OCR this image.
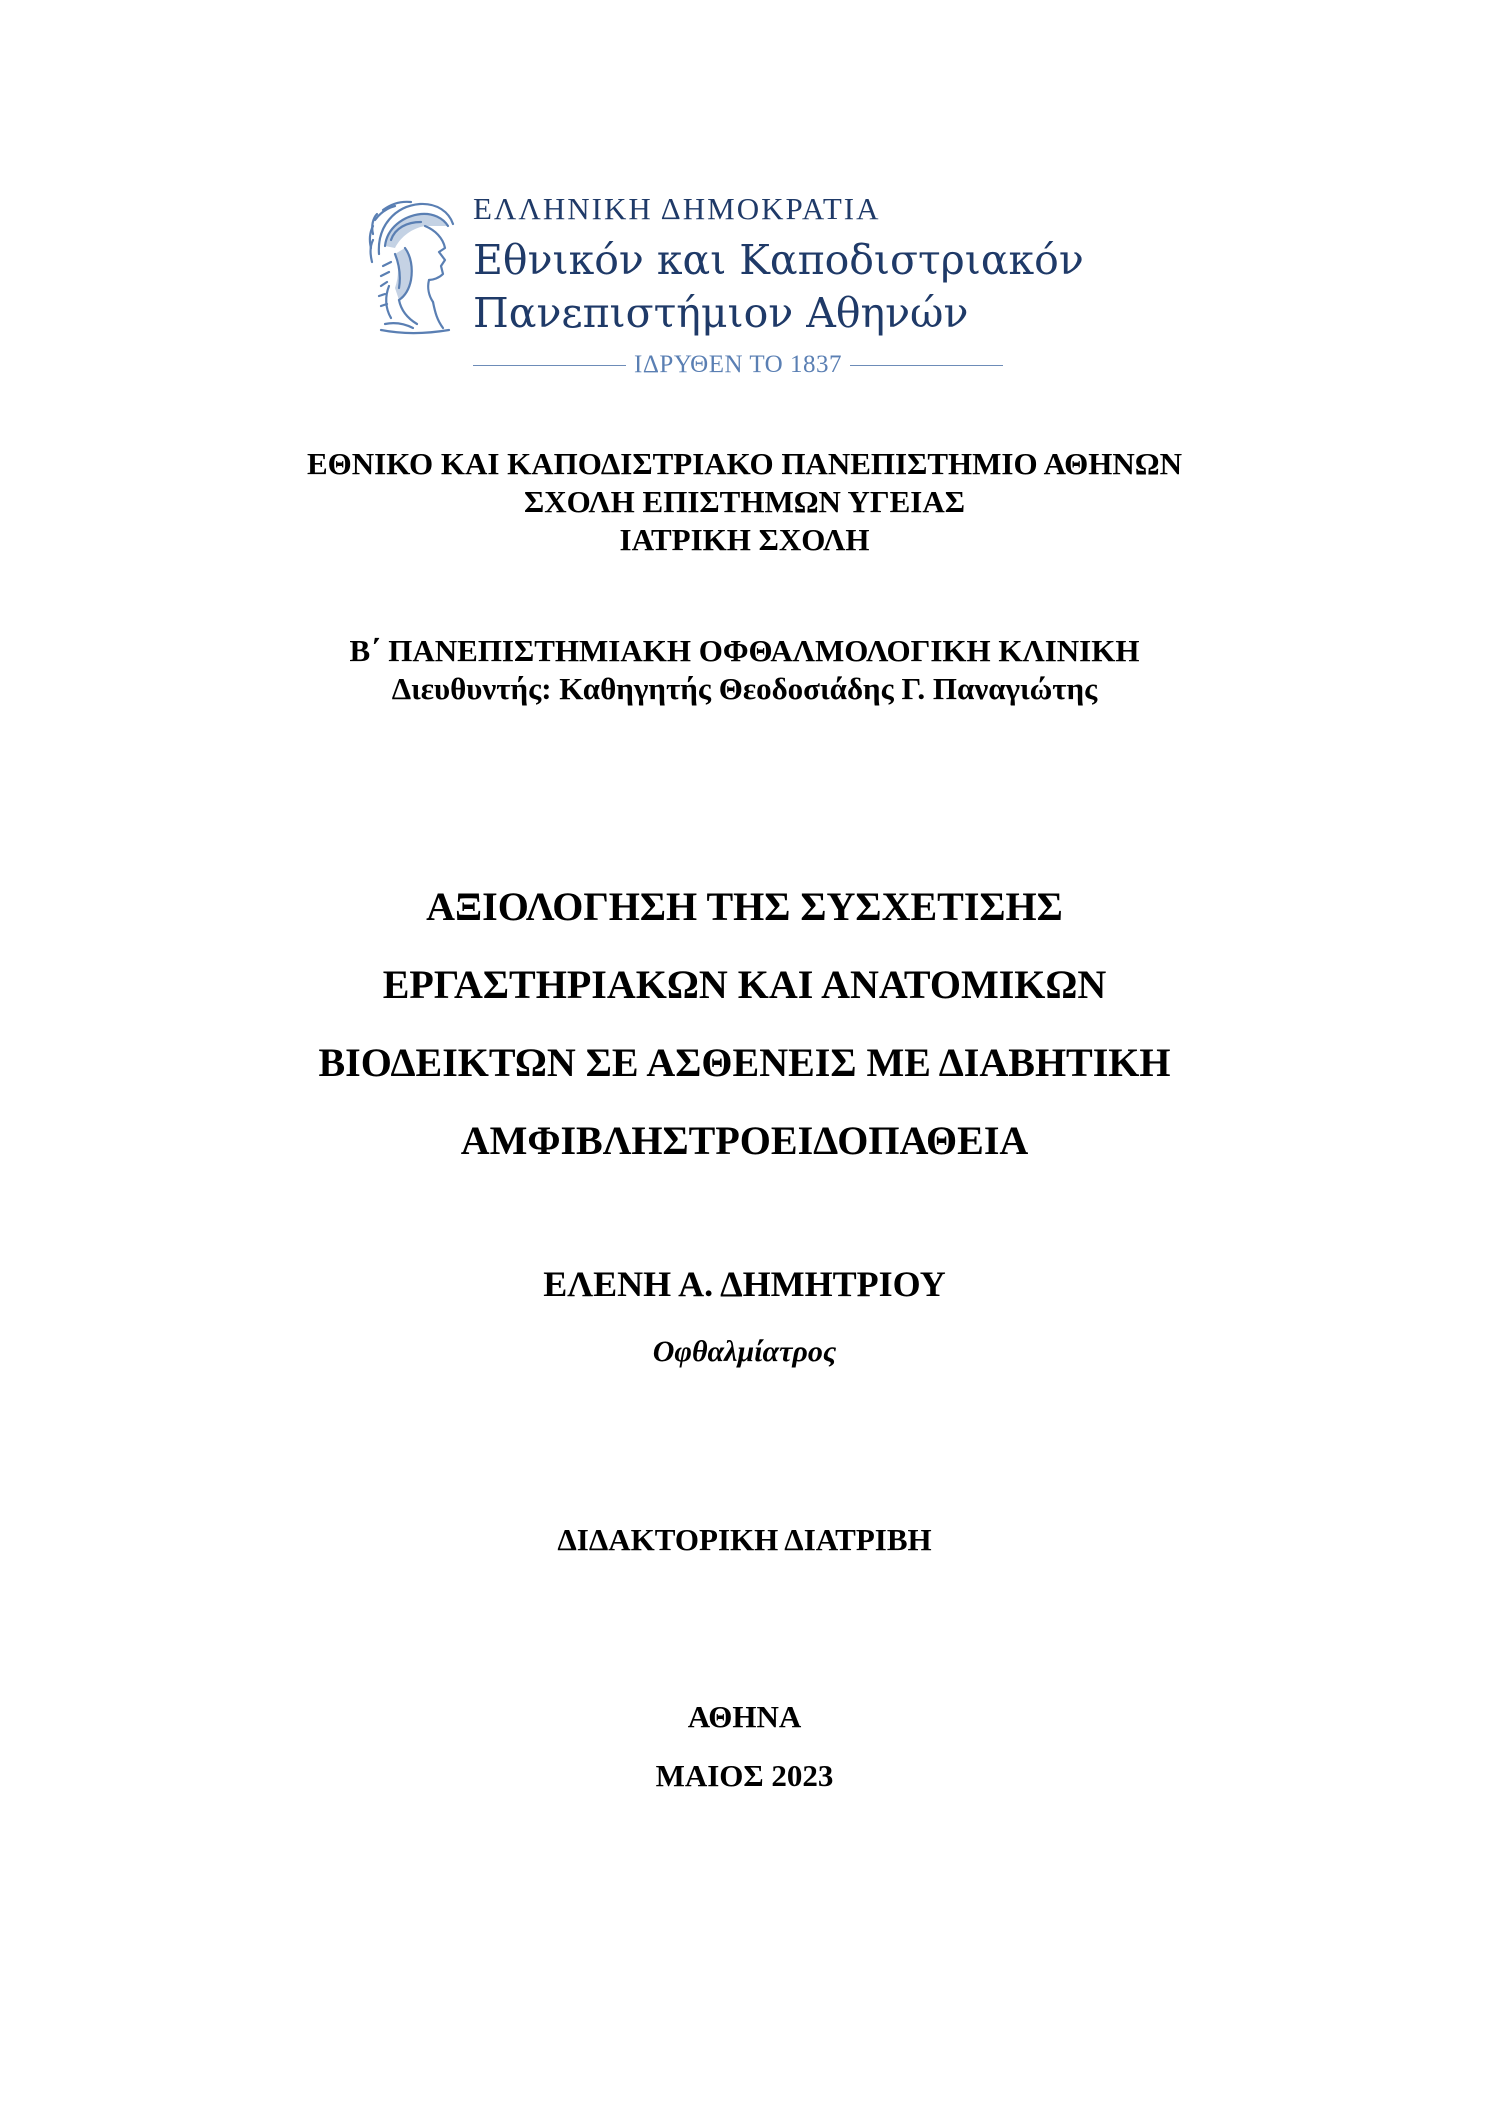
ΕΛΛΗΝΙΚΗ ΔΗΜΟΚΡΑΤΙΑ
Εθνικόν και Καποδιστριακόν
Πανεπιστήμιον Αθηνών
ΙΔΡΥΘΕΝ ΤΟ 1837
ΕΘΝΙΚΟ ΚΑΙ ΚΑΠΟΔΙΣΤΡΙΑΚΟ ΠΑΝΕΠΙΣΤΗΜΙΟ ΑΘΗΝΩΝ
ΣΧΟΛΗ ΕΠΙΣΤΗΜΩΝ ΥΓΕΙΑΣ
ΙΑΤΡΙΚΗ ΣΧΟΛΗ
Β΄ ΠΑΝΕΠΙΣΤΗΜΙΑΚΗ ΟΦΘΑΛΜΟΛΟΓΙΚΗ ΚΛΙΝΙΚΗ
Διευθυντής: Καθηγητής Θεοδοσιάδης Γ. Παναγιώτης
ΑΞΙΟΛΟΓΗΣΗ ΤΗΣ ΣΥΣΧΕΤΙΣΗΣ
ΕΡΓΑΣΤΗΡΙΑΚΩΝ ΚΑΙ ΑΝΑΤΟΜΙΚΩΝ
ΒΙΟΔΕΙΚΤΩΝ ΣΕ ΑΣΘΕΝΕΙΣ ΜΕ ΔΙΑΒΗΤΙΚΗ
ΑΜΦΙΒΛΗΣΤΡΟΕΙΔΟΠΑΘΕΙΑ
ΕΛΕΝΗ Α. ΔΗΜΗΤΡΙΟΥ
Οφθαλμίατρος
ΔΙΔΑΚΤΟΡΙΚΗ ΔΙΑΤΡΙΒΗ
ΑΘΗΝΑ
ΜΑΙΟΣ 2023
